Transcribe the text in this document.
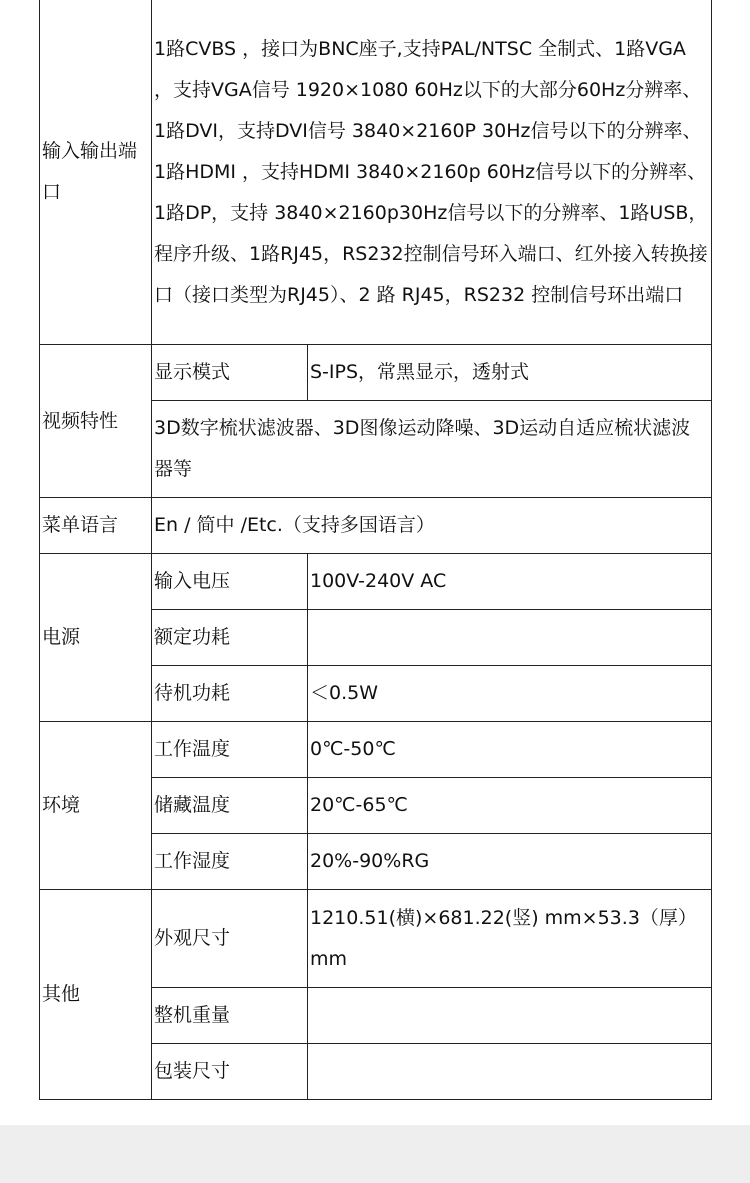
输入输出端口	1路CVBS ，接口为BNC座子,支持PAL/NTSC 全制式、1路VGA ，支持VGA信号 1920×1080 60Hz以下的大部分60Hz分辨率、1路DVI，支持DVI信号 3840×2160P 30Hz信号以下的分辨率、1路HDMI ，支持HDMI 3840×2160p 60Hz信号以下的分辨率、1路DP，支持 3840×2160p30Hz信号以下的分辨率、1路USB，程序升级、1路RJ45，RS232控制信号环入端口、红外接入转换接口（接口类型为RJ45）、2 路 RJ45，RS232 控制信号环出端口	
视频特性	显示模式	S-IPS，常黑显示，透射式
	3D数字梳状滤波器、3D图像运动降噪、3D运动自适应梳状滤波器等	
菜单语言	En / 简中 /Etc.（支持多国语言）	
电源	输入电压	100V-240V AC
	额定功耗	
	待机功耗	＜0.5W
环境	工作温度	0℃-50℃
	储藏温度	20℃-65℃
	工作湿度	20%-90%RG
其他	外观尺寸	1210.51(横)×681.22(竖) mm×53.3（厚）mm
	整机重量	
	包装尺寸	
